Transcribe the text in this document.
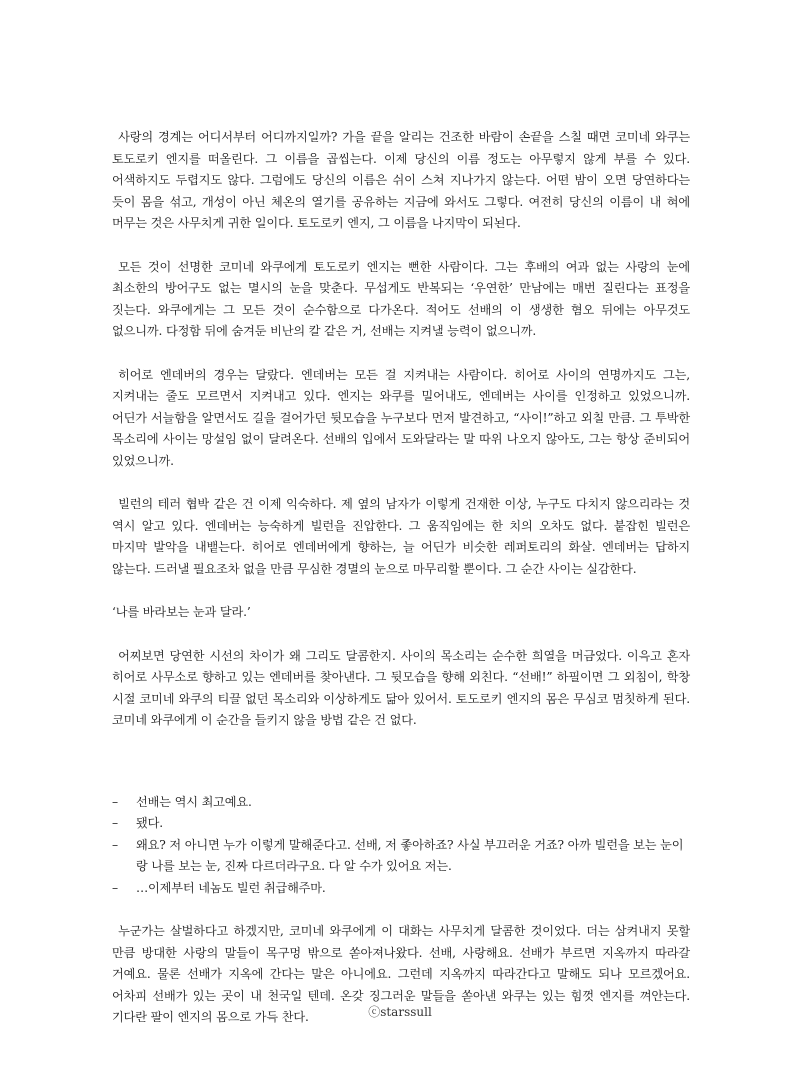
사랑의 경계는 어디서부터 어디까지일까? 가을 끝을 알리는 건조한 바람이 손끝을 스칠 때면 코미네 와쿠는 토도로키 엔지를 떠올린다. 그 이름을 곱씹는다. 이제 당신의 이름 정도는 아무렇지 않게 부를 수 있다. 어색하지도 두렵지도 않다. 그럼에도 당신의 이름은 쉬이 스쳐 지나가지 않는다. 어떤 밤이 오면 당연하다는 듯이 몸을 섞고, 개성이 아닌 체온의 열기를 공유하는 지금에 와서도 그렇다. 여전히 당신의 이름이 내 혀에 머무는 것은 사무치게 귀한 일이다. 토도로키 엔지, 그 이름을 나지막이 되뇐다.

모든 것이 선명한 코미네 와쿠에게 토도로키 엔지는 뻔한 사람이다. 그는 후배의 여과 없는 사랑의 눈에 최소한의 방어구도 없는 멸시의 눈을 맞춘다. 무섭게도 반복되는 ‘우연한’ 만남에는 매번 질린다는 표정을 짓는다. 와쿠에게는 그 모든 것이 순수함으로 다가온다. 적어도 선배의 이 생생한 혐오 뒤에는 아무것도 없으니까. 다정함 뒤에 숨겨둔 비난의 칼 같은 거, 선배는 지켜낼 능력이 없으니까.

히어로 엔데버의 경우는 달랐다. 엔데버는 모든 걸 지켜내는 사람이다. 히어로 사이의 연명까지도 그는, 지켜내는 줄도 모르면서 지켜내고 있다. 엔지는 와쿠를 밀어내도, 엔데버는 사이를 인정하고 있었으니까. 어딘가 서늘함을 알면서도 길을 걸어가던 뒷모습을 누구보다 먼저 발견하고, “사이!”하고 외칠 만큼. 그 투박한 목소리에 사이는 망설임 없이 달려온다. 선배의 입에서 도와달라는 말 따위 나오지 않아도, 그는 항상 준비되어 있었으니까.

빌런의 테러 협박 같은 건 이제 익숙하다. 제 옆의 남자가 이렇게 건재한 이상, 누구도 다치지 않으리라는 것 역시 알고 있다. 엔데버는 능숙하게 빌런을 진압한다. 그 움직임에는 한 치의 오차도 없다. 붙잡힌 빌런은 마지막 발악을 내뱉는다. 히어로 엔데버에게 향하는, 늘 어딘가 비슷한 레퍼토리의 화살. 엔데버는 답하지 않는다. 드러낼 필요조차 없을 만큼 무심한 경멸의 눈으로 마무리할 뿐이다. 그 순간 사이는 실감한다.

‘나를 바라보는 눈과 달라.’

어찌보면 당연한 시선의 차이가 왜 그리도 달콤한지. 사이의 목소리는 순수한 희열을 머금었다. 이윽고 혼자 히어로 사무소로 향하고 있는 엔데버를 찾아낸다. 그 뒷모습을 향해 외친다. “선배!” 하필이면 그 외침이, 학창 시절 코미네 와쿠의 티끌 없던 목소리와 이상하게도 닮아 있어서. 토도로키 엔지의 몸은 무심코 멈칫하게 된다. 코미네 와쿠에게 이 순간을 들키지 않을 방법 같은 건 없다.

– 선배는 역시 최고예요.
– 됐다.
– 왜요? 저 아니면 누가 이렇게 말해준다고. 선배, 저 좋아하죠? 사실 부끄러운 거죠? 아까 빌런을 보는 눈이랑 나를 보는 눈, 진짜 다르더라구요. 다 알 수가 있어요 저는.
– …이제부터 네놈도 빌런 취급해주마.

누군가는 살벌하다고 하겠지만, 코미네 와쿠에게 이 대화는 사무치게 달콤한 것이었다. 더는 삼켜내지 못할 만큼 방대한 사랑의 말들이 목구멍 밖으로 쏟아져나왔다. 선배, 사랑해요. 선배가 부르면 지옥까지 따라갈 거예요. 물론 선배가 지옥에 간다는 말은 아니에요. 그런데 지옥까지 따라간다고 말해도 되나 모르겠어요. 어차피 선배가 있는 곳이 내 천국일 텐데. 온갖 징그러운 말들을 쏟아낸 와쿠는 있는 힘껏 엔지를 껴안는다. 기다란 팔이 엔지의 몸으로 가득 찬다.	ⓒstarssull
